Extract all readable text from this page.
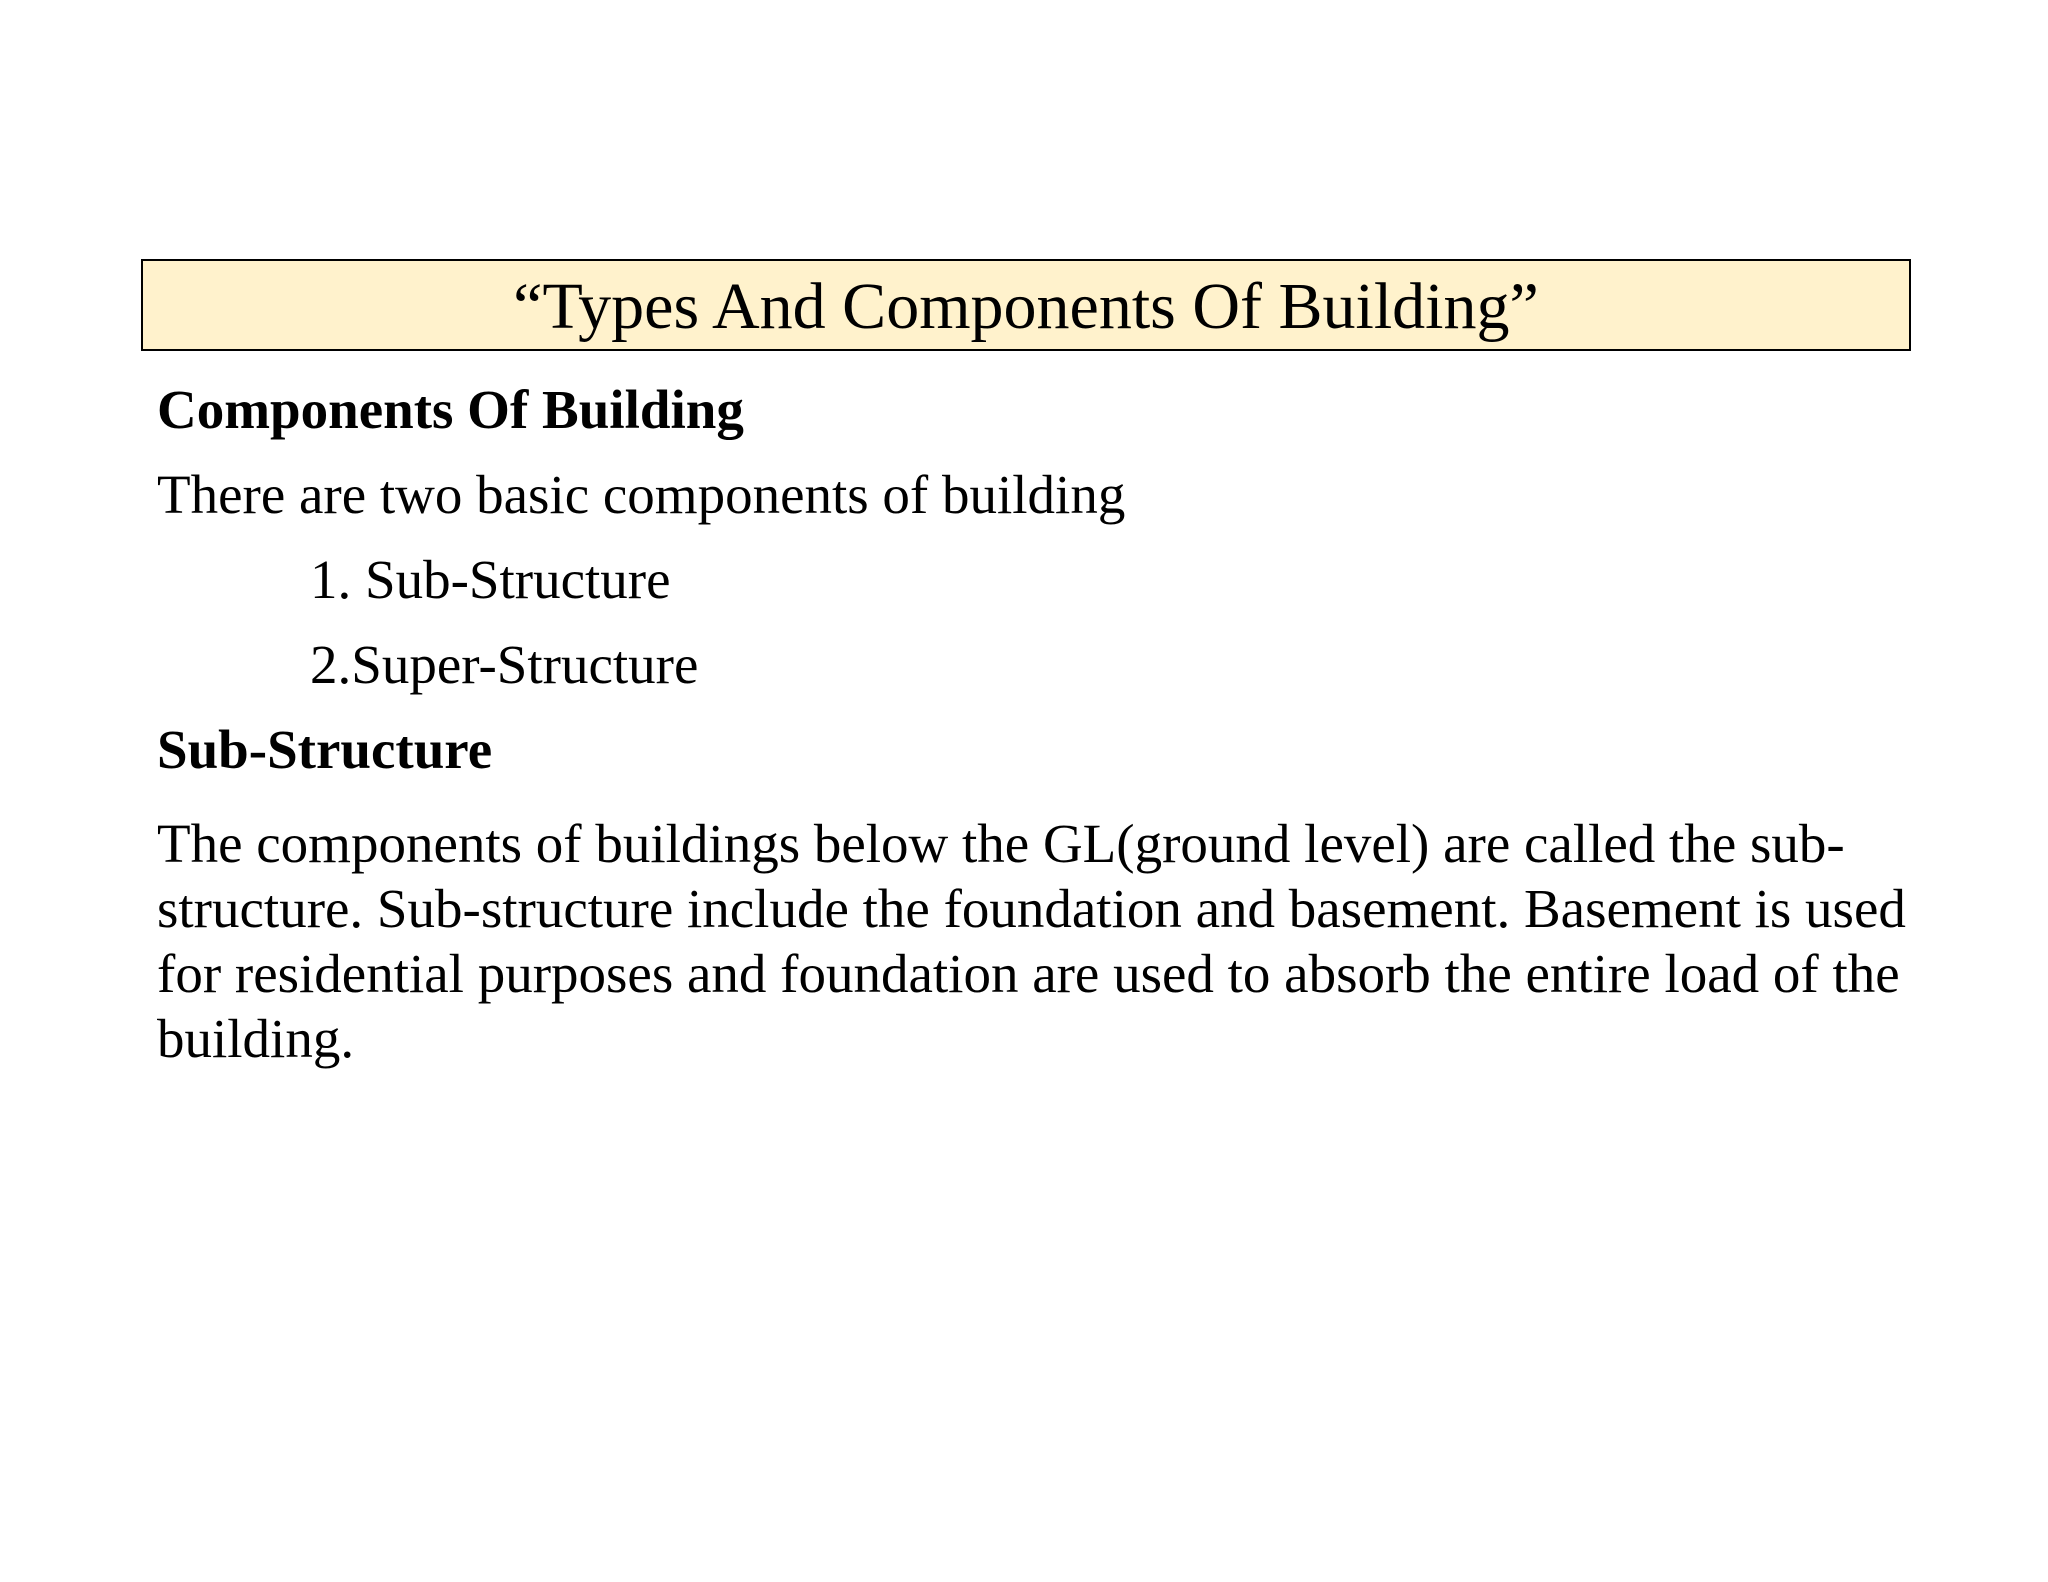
“Types And Components Of Building”
Components Of Building
There are two basic components of building
1. Sub-Structure
2.Super-Structure
Sub-Structure
The components of buildings below the GL(ground level) are called the sub-structure. Sub-structure include the foundation and basement. Basement is used for residential purposes and foundation are used to absorb the entire load of the building.
